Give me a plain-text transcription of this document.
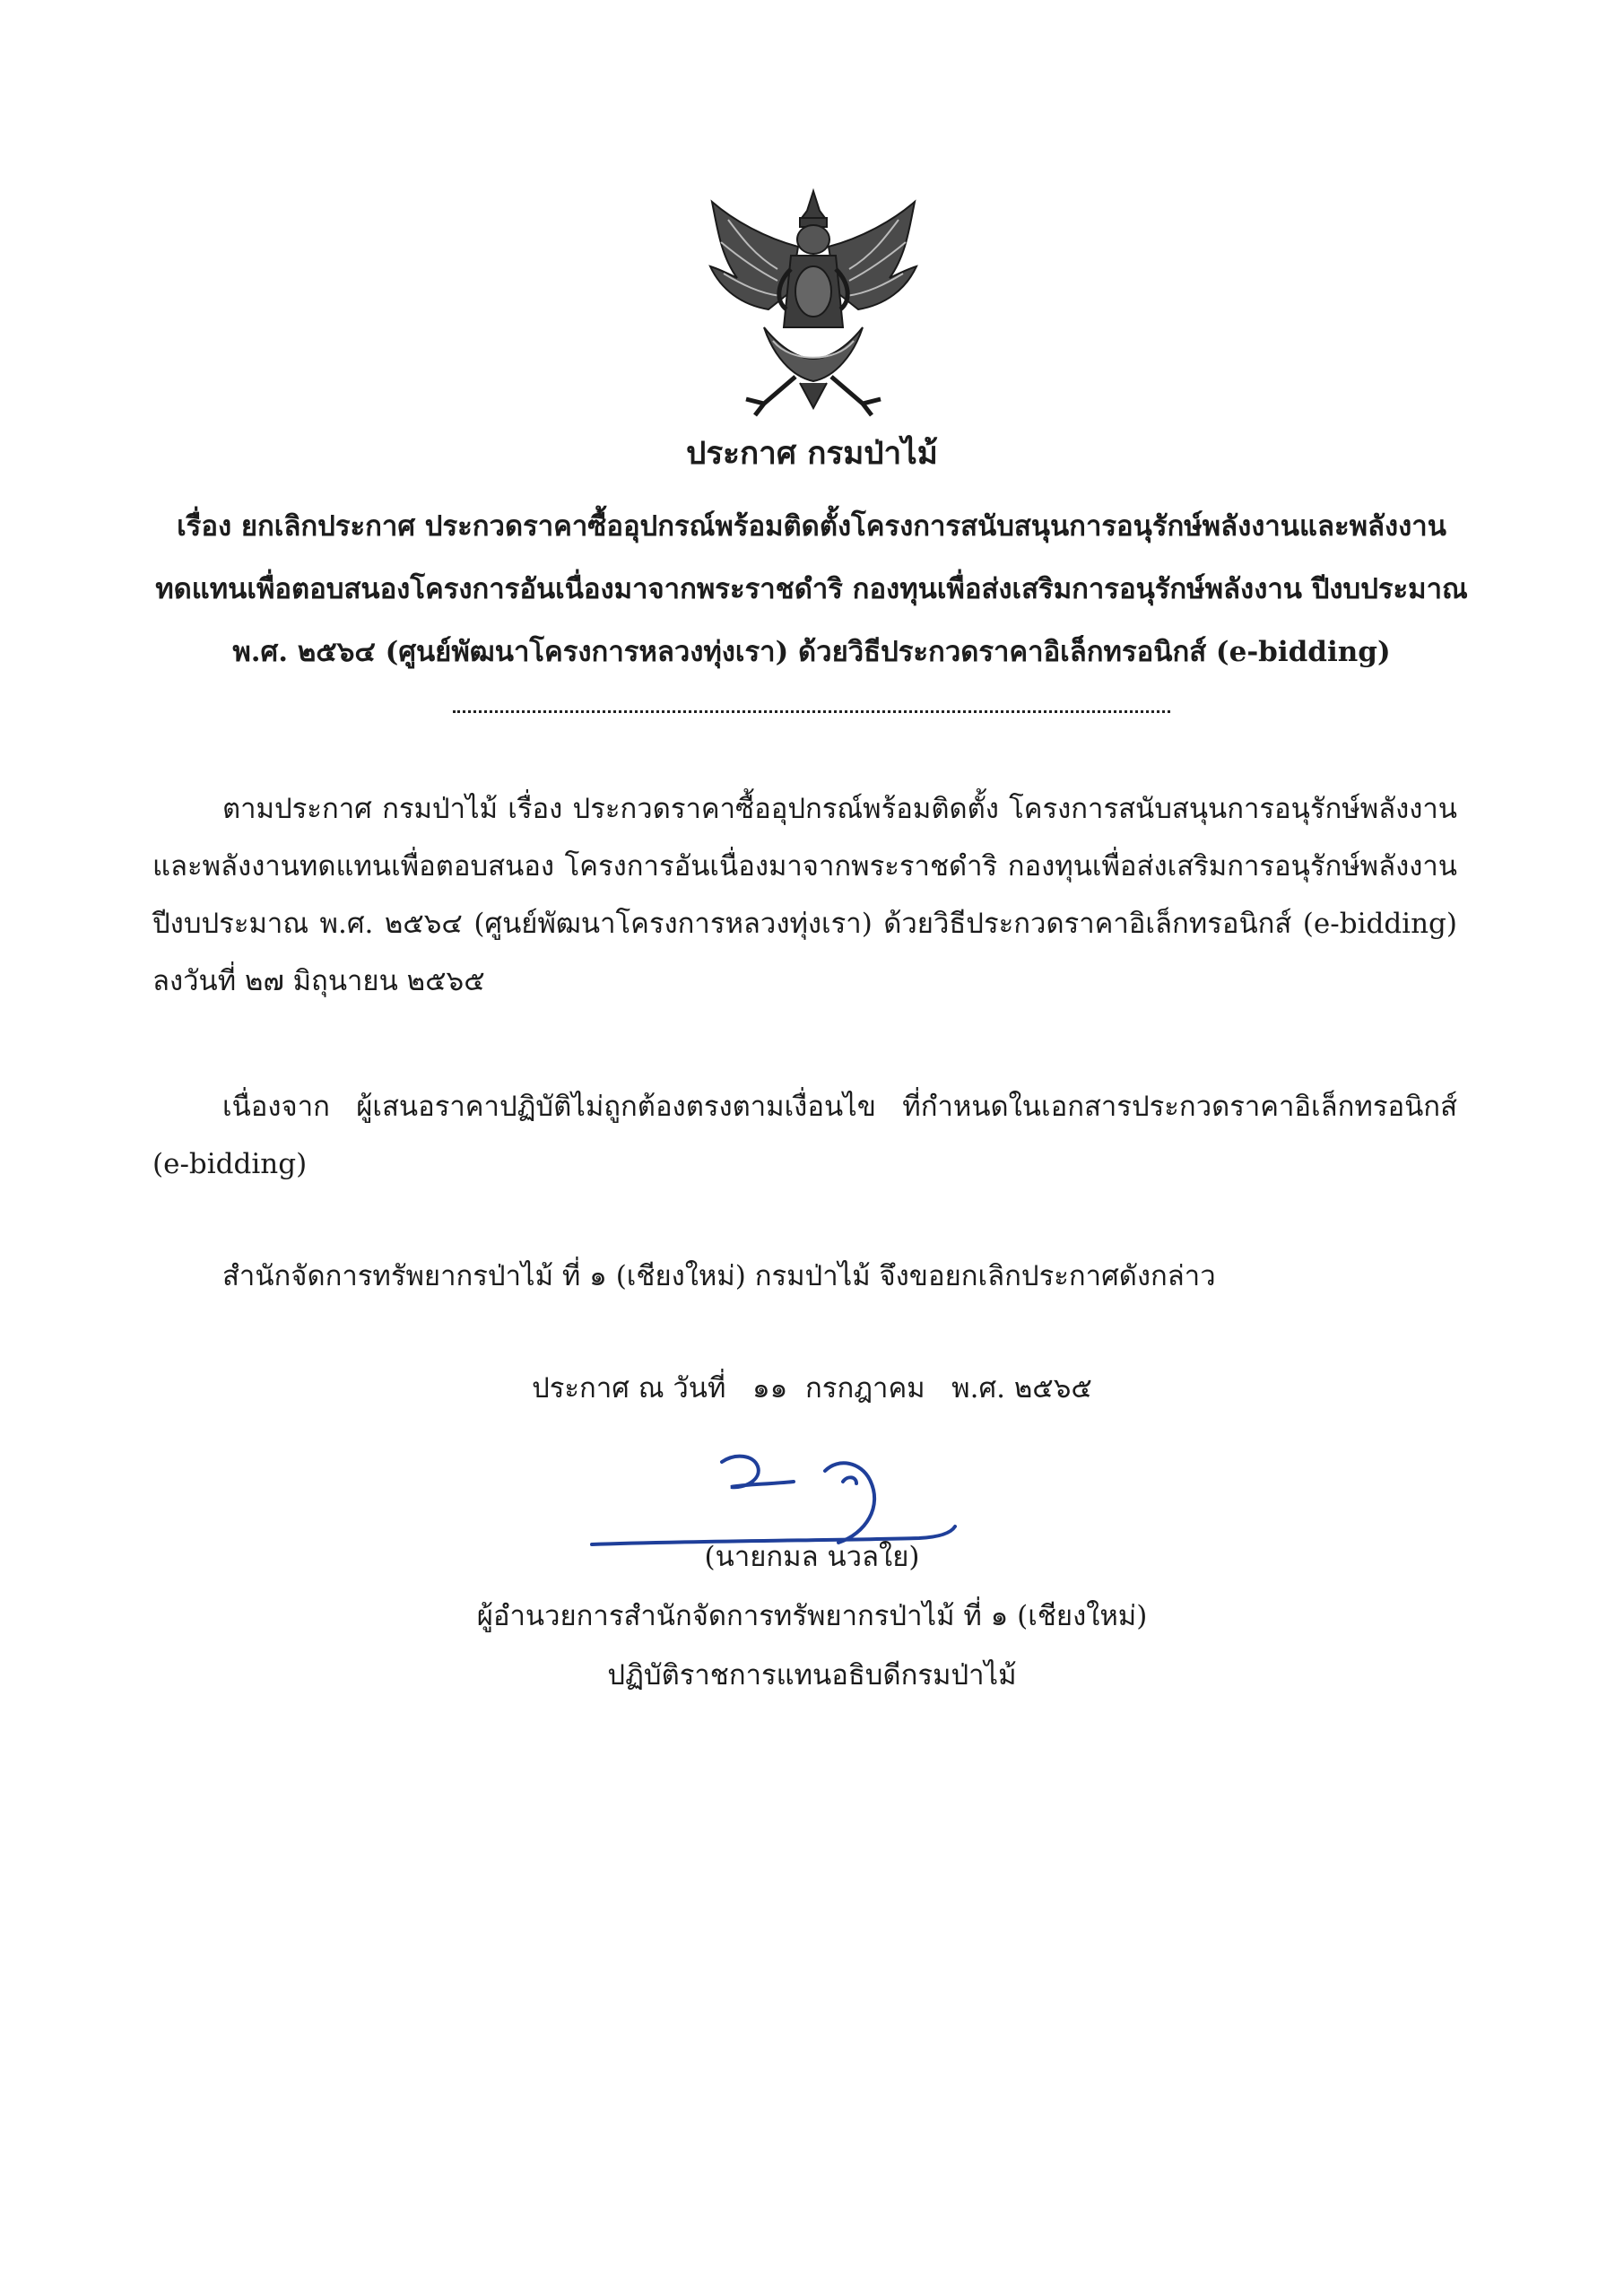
ประกาศ กรมป่าไม้
เรื่อง ยกเลิกประกาศ ประกวดราคาซื้ออุปกรณ์พร้อมติดตั้งโครงการสนับสนุนการอนุรักษ์พลังงานและพลังงาน
ทดแทนเพื่อตอบสนองโครงการอันเนื่องมาจากพระราชดำริ กองทุนเพื่อส่งเสริมการอนุรักษ์พลังงาน ปีงบประมาณ
พ.ศ. ๒๕๖๔ (ศูนย์พัฒนาโครงการหลวงทุ่งเรา) ด้วยวิธีประกวดราคาอิเล็กทรอนิกส์ (e-bidding)
ตามประกาศ กรมป่าไม้ เรื่อง ประกวดราคาซื้ออุปกรณ์พร้อมติดตั้ง โครงการสนับสนุนการอนุรักษ์พลังงาน และพลังงานทดแทนเพื่อตอบสนอง โครงการอันเนื่องมาจากพระราชดำริ กองทุนเพื่อส่งเสริมการอนุรักษ์พลังงาน ปีงบประมาณ พ.ศ. ๒๕๖๔ (ศูนย์พัฒนาโครงการหลวงทุ่งเรา) ด้วยวิธีประกวดราคาอิเล็กทรอนิกส์ (e-bidding) ลงวันที่ ๒๗ มิถุนายน ๒๕๖๕
เนื่องจาก ผู้เสนอราคาปฏิบัติไม่ถูกต้องตรงตามเงื่อนไข ที่กำหนดในเอกสารประกวดราคาอิเล็กทรอนิกส์ (e-bidding)
สำนักจัดการทรัพยากรป่าไม้ ที่ ๑ (เชียงใหม่) กรมป่าไม้ จึงขอยกเลิกประกาศดังกล่าว
ประกาศ ณ วันที่   ๑๑  กรกฎาคม   พ.ศ. ๒๕๖๕
(นายกมล นวลใย)
ผู้อำนวยการสำนักจัดการทรัพยากรป่าไม้ ที่ ๑ (เชียงใหม่)
ปฏิบัติราชการแทนอธิบดีกรมป่าไม้
